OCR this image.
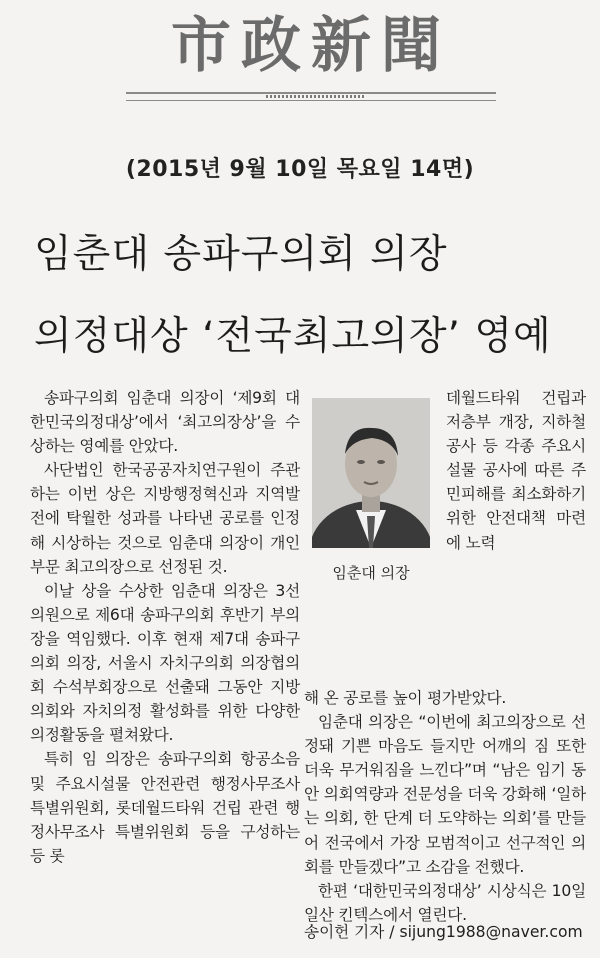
市政新聞
(2015년 9월 10일 목요일 14면)
임춘대 송파구의회 의장
의정대상 ‘전국최고의장’ 영예

송파구의회 임춘대 의장이 ‘제9회 대한민국의정대상’에서 ‘최고의장상’을 수상하는 영예를 안았다.

사단법인 한국공공자치연구원이 주관하는 이번 상은 지방행정혁신과 지역발전에 탁월한 성과를 나타낸 공로를 인정해 시상하는 것으로 임춘대 의장이 개인부문 최고의장으로 선정된 것.

이날 상을 수상한 임춘대 의장은 3선 의원으로 제6대 송파구의회 후반기 부의장을 역임했다. 이후 현재 제7대 송파구의회 의장, 서울시 자치구의회 의장협의회 수석부회장으로 선출돼 그동안 지방의회와 자치의정 활성화를 위한 다양한 의정활동을 펼쳐왔다.

특히 임 의장은 송파구의회 항공소음 및 주요시설물 안전관련 행정사무조사 특별위원회, 롯데월드타워 건립 관련 행정사무조사 특별위원회 등을 구성하는 등 롯

임춘대 의장

데월드타워 건립과 저층부 개장, 지하철 공사 등 각종 주요시설물 공사에 따른 주민피해를 최소화하기 위한 안전대책 마련에 노력

해 온 공로를 높이 평가받았다.

임춘대 의장은 “이번에 최고의장으로 선정돼 기쁜 마음도 들지만 어깨의 짐 또한 더욱 무거워짐을 느낀다”며 “남은 임기 동안 의회역량과 전문성을 더욱 강화해 ‘일하는 의회, 한 단계 더 도약하는 의회’를 만들어 전국에서 가장 모범적이고 선구적인 의회를 만들겠다”고 소감을 전했다.

한편 ‘대한민국의정대상’ 시상식은 10일 일산 킨텍스에서 열린다.

송이헌 기자 / sijung1988@naver.com
